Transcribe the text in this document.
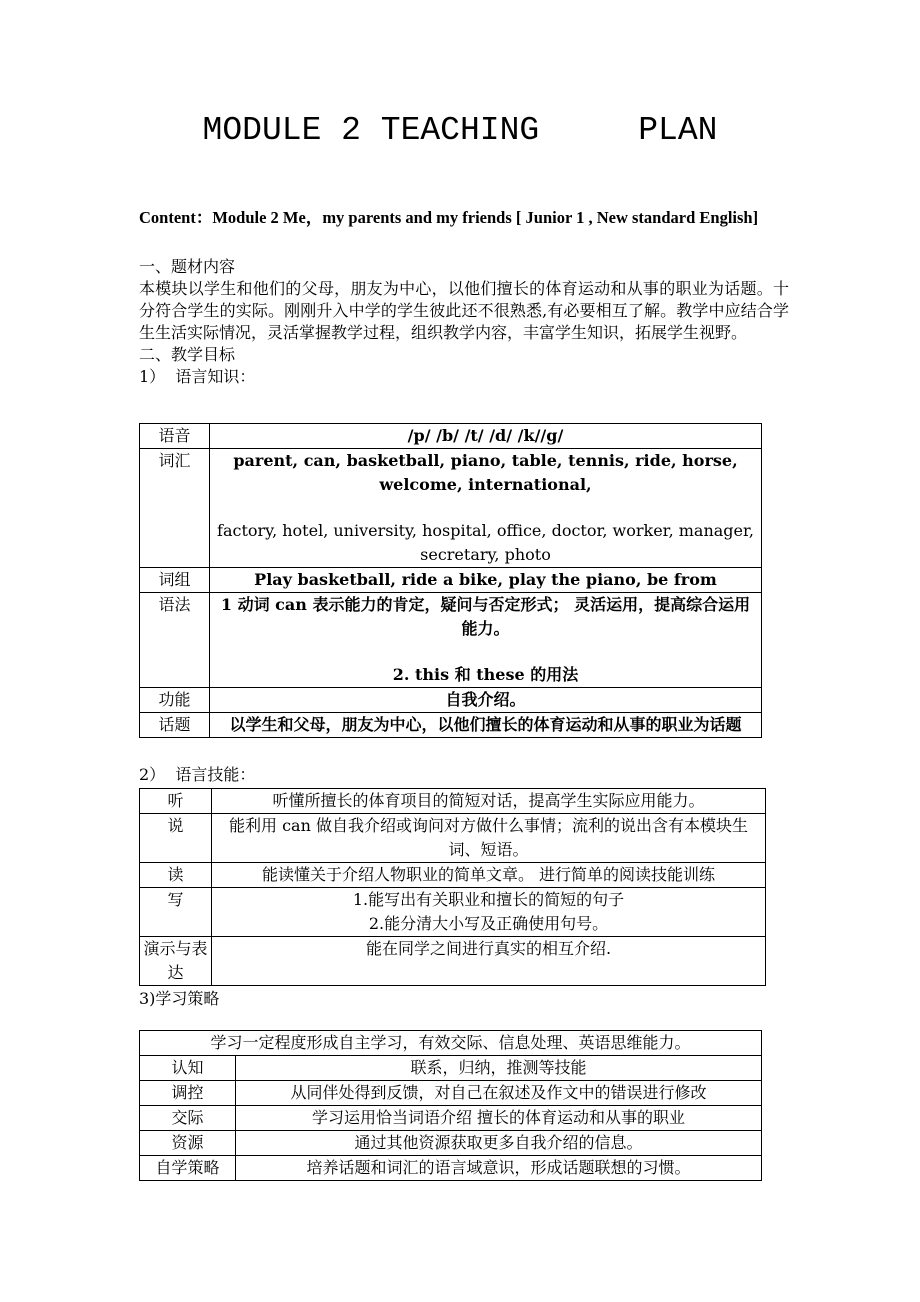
MODULE 2 TEACHING     PLAN
Content：Module 2 Me，my parents and my friends [ Junior 1 , New standard English]
一、题材内容
本模块以学生和他们的父母，朋友为中心，以他们擅长的体育运动和从事的职业为话题。十分符合学生的实际。刚刚升入中学的学生彼此还不很熟悉,有必要相互了解。教学中应结合学生生活实际情况，灵活掌握教学过程，组织教学内容，丰富学生知识，拓展学生视野。
二、教学目标
1）  语言知识：
语音	/p/ /b/ /t/ /d/ /k//g/
词汇	parent, can, basketball, piano, table, tennis, ride, horse, welcome, international,
factory, hotel, university, hospital, office, doctor, worker, manager, secretary, photo

词组	Play basketball, ride a bike, play the piano, be from
语法	1 动词 can 表示能力的肯定，疑问与否定形式； 灵活运用，提高综合运用能力。
2. this 和 these 的用法

功能	自我介绍。
话题	以学生和父母，朋友为中心，以他们擅长的体育运动和从事的职业为话题
2）  语言技能：
听	听懂所擅长的体育项目的简短对话，提高学生实际应用能力。
说	能利用 can 做自我介绍或询问对方做什么事情；流利的说出含有本模块生词、短语。
读	能读懂关于介绍人物职业的简单文章。 进行简单的阅读技能训练
写	1.能写出有关职业和擅长的简短的句子
2.能分清大小写及正确使用句号。

演示与表达	能在同学之间进行真实的相互介绍.
3)学习策略
学习一定程度形成自主学习，有效交际、信息处理、英语思维能力。	
认知	联系，归纳，推测等技能
调控	从同伴处得到反馈，对自己在叙述及作文中的错误进行修改
交际	学习运用恰当词语介绍 擅长的体育运动和从事的职业
资源	通过其他资源获取更多自我介绍的信息。
自学策略	培养话题和词汇的语言域意识，形成话题联想的习惯。
